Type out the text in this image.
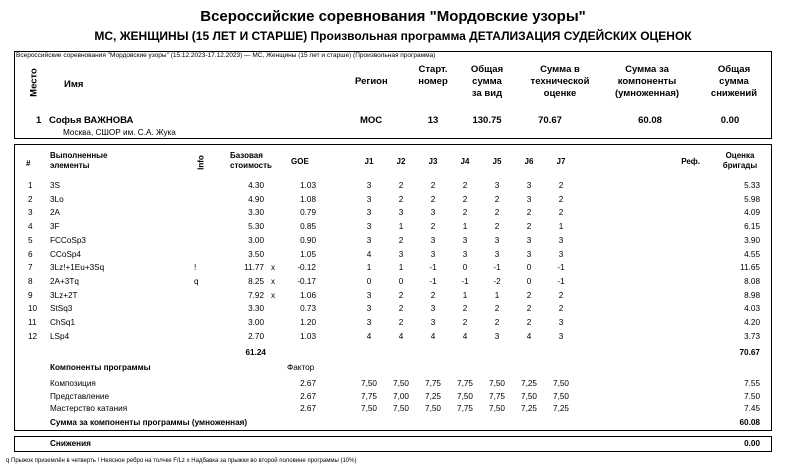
Всероссийские соревнования "Мордовские узоры"
МС, ЖЕНЩИНЫ (15 ЛЕТ И СТАРШЕ) Произвольная программа ДЕТАЛИЗАЦИЯ СУДЕЙСКИХ ОЦЕНОК
Всероссийские соревнования "Мордовские узоры" (15.12.2023-17.12.2023) — МС, Женщины (15 лет и старше) (Произвольная программа)
Место	Имя	Регион
Старт.
номер
Общая
сумма
за вид
Сумма в
технической
оценке
Сумма за
компоненты
(умноженная)
Общая
сумма
снижений
1 Софья ВАЖНОВА
Москва, СШОР им. С.А. Жука
МОС	13	130.75	70.67	60.08	0.00
#
Выполненные
элементы	Info	Базовая
стоимость GOE	Реф.
Оценка
бригады
J1	J2	J3	J4	J5	J6	J7
1 3S	4.30	1.03	3	2	2	2	3	3	2	5.33
2 3Lo	4.90	1.08	3	2	2	2	2	3	2	5.98
3 2A	3.30	0.79	3	3	3	2	2	2	2	4.09
4 3F	5.30	0.85	3	1	2	1	2	2	1	6.15
5 FCCoSp3	3.00	0.90	3	2	3	3	3	3	3	3.90
6 CCoSp4	3.50	1.05	4	3	3	3	3	3	3	4.55
7 3Lz!+1Eu+3Sq	!	11.77 x	-0.12	1	1	-1	0	-1	0	-1	11.65
8 2A+3Tq	q	8.25 x	-0.17	0	0	-1	-1	-2	0	-1	8.08
9 3Lz+2T	7.92 x	1.06	3	2	2	1	1	2	2	8.98
10 StSq3	3.30	0.73	3	2	3	2	2	2	2	4.03
11 ChSq1	3.00	1.20	3	2	3	2	2	2	3	4.20
12 LSp4	2.70	1.03	4	4	4	4	3	4	3	3.73
61.24	70.67
Компоненты программы	Фактор
Композиция	2.67	7,50	7,50	7,75	7,75	7,50	7,25	7,50	7.55
Представление	2.67	7,75	7,00	7,25	7,50	7,75	7,50	7,50	7.50
Мастерство катания	2.67	7,50	7,50	7,50	7,75	7,50	7,25	7,25	7.45
Сумма за компоненты программы (умноженная)	60.08
Снижения	0.00
q Прыжок приземлён в четверть ! Неясное ребро на толчке F/Lz x Надбавка за прыжки во второй половине программы (10%)
